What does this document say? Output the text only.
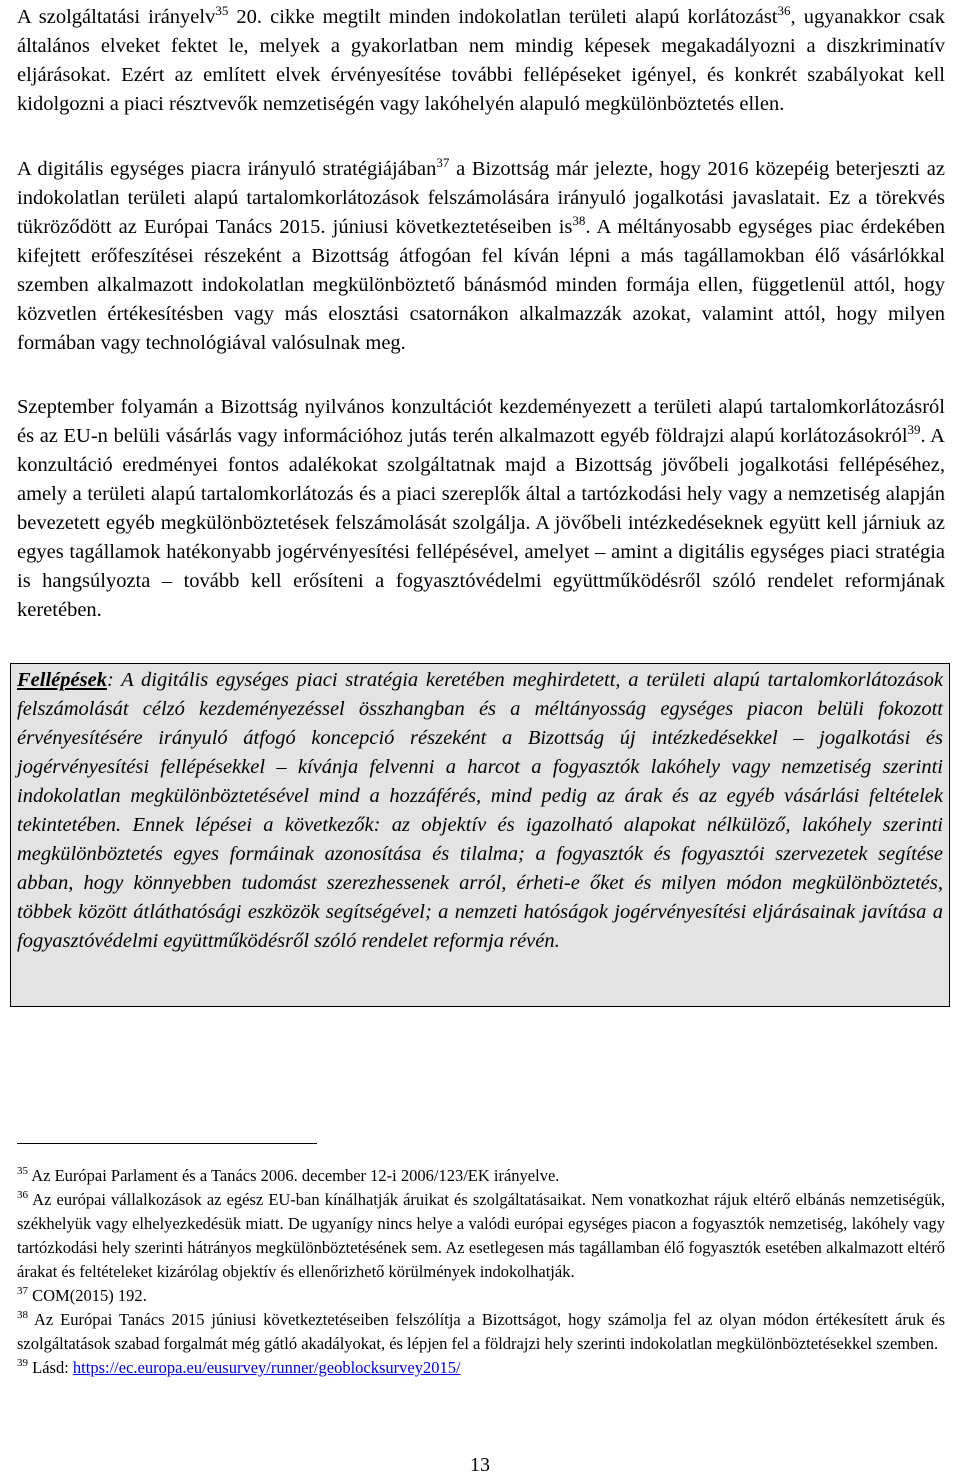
A szolgáltatási irányelv$^{35}$ 20. cikke megtilt minden indokolatlan területi alapú korlátozást$^{36}$, ugyanakkor csak általános elveket fektet le, melyek a gyakorlatban nem mindig képesek megakadályozni a diszkriminatív eljárásokat. Ezért az említett elvek érvényesítése további fellépéseket igényel, és konkrét szabályokat kell kidolgozni a piaci résztvevők nemzetiségén vagy lakóhelyén alapuló megkülönböztetés ellen.

A digitális egységes piacra irányuló stratégiájában$^{37}$ a Bizottság már jelezte, hogy 2016 közepéig beterjeszti az indokolatlan területi alapú tartalomkorlátozások felszámolására irányuló jogalkotási javaslatait. Ez a törekvés tükröződött az Európai Tanács 2015. júniusi következtetéseiben $is^{38}$. A méltányosabb egységes piac érdekében kifejtett erőfeszítései részeként a Bizottság átfogóan fel kíván lépni a más tagállamokban élő vásárlókkal szemben alkalmazott indokolatlan megkülönböztető bánásmód minden formája ellen, függetlenül attól, hogy közvetlen értékesítésben vagy más elosztási csatornákon alkalmazzák azokat, valamint attól, hogy milyen formában vagy technológiával valósulnak meg.

Szeptember folyamán a Bizottság nyilvános konzultációt kezdeményezett a területi alapú tartalomkorlátozásról és az EU-n belüli vásárlás vagy információhoz jutás terén alkalmazott egyéb földrajzi alapú korlátozásokról$^{39}$. A konzultáció eredményei fontos adalékokat szolgáltatnak majd a Bizottság jövőbeli jogalkotási fellépéséhez, amely a területi alapú tartalomkorlátozás és a piaci szereplők által a tartózkodási hely vagy a nemzetiség alapján bevezetett egyéb megkülönböztetések felszámolását szolgálja. A jövőbeli intézkedéseknek együtt kell járniuk az egyes tagállamok hatékonyabb jogérvényesítési fellépésével, amelyet – amint a digitális egységes piaci stratégia is hangsúlyozta – tovább kell erősíteni a fogyasztóvédelmi együttműködésről szóló rendelet reformjának keretében.

Fellépések: A digitális egységes piaci stratégia keretében meghirdetett, a területi alapú tartalomkorlátozások felszámolását célzó kezdeményezéssel összhangban és a méltányosság egységes piacon belüli fokozott érvényesítésére irányuló átfogó koncepció részeként a Bizottság új intézkedésekkel – jogalkotási és jogérvényesítési fellépésekkel – kívánja felvenni a harcot a fogyasztók lakóhely vagy nemzetiség szerinti indokolatlan megkülönböztetésével mind a hozzáférés, mind pedig az árak és az egyéb vásárlási feltételek tekintetében. Ennek lépései a következők: az objektív és igazolható alapokat nélkülöző, lakóhely szerinti megkülönböztetés egyes formáinak azonosítása és tilalma; a fogyasztók és fogyasztói szervezetek segítése abban, hogy könnyebben tudomást szerezhessenek arról, érheti-e őket és milyen módon megkülönböztetés, többek között átláthatósági eszközök segítségével; a nemzeti hatóságok jogérvényesítési eljárásainak javítása a fogyasztóvédelmi együttműködésről szóló rendelet reformja révén.

$^{35}$ Az Európai Parlament és a Tanács 2006. december 12-i 2006/123/EK irányelve.

$^{36}$ Az európai vállalkozások az egész EU-ban kínálhatják áruikat és szolgáltatásaikat. Nem vonatkozhat rájuk eltérő elbánás nemzetiségük, székhelyük vagy elhelyezkedésük miatt. De ugyanígy nincs helye a valódi európai egységes piacon a fogyasztók nemzetiség, lakóhely vagy tartózkodási hely szerinti hátrányos megkülönböztetésének sem. Az esetlegesen más tagállamban élő fogyasztók esetében alkalmazott eltérő árakat és feltételeket kizárólag objektív és ellenőrizhető körülmények indokolhatják.

$^{37}$ COM(2015) 192.

$^{38}$ Az Európai Tanács 2015 júniusi következtetéseiben felszólítja a Bizottságot, hogy számolja fel az olyan módon értékesített áruk és szolgáltatások szabad forgalmát még gátló akadályokat, és lépjen fel a földrajzi hely szerinti indokolatlan megkülönböztetésekkel szemben.

$^{39}$ Lásd: https://ec.europa.eu/eusurvey/runner/geoblocksurvey2015/

13
